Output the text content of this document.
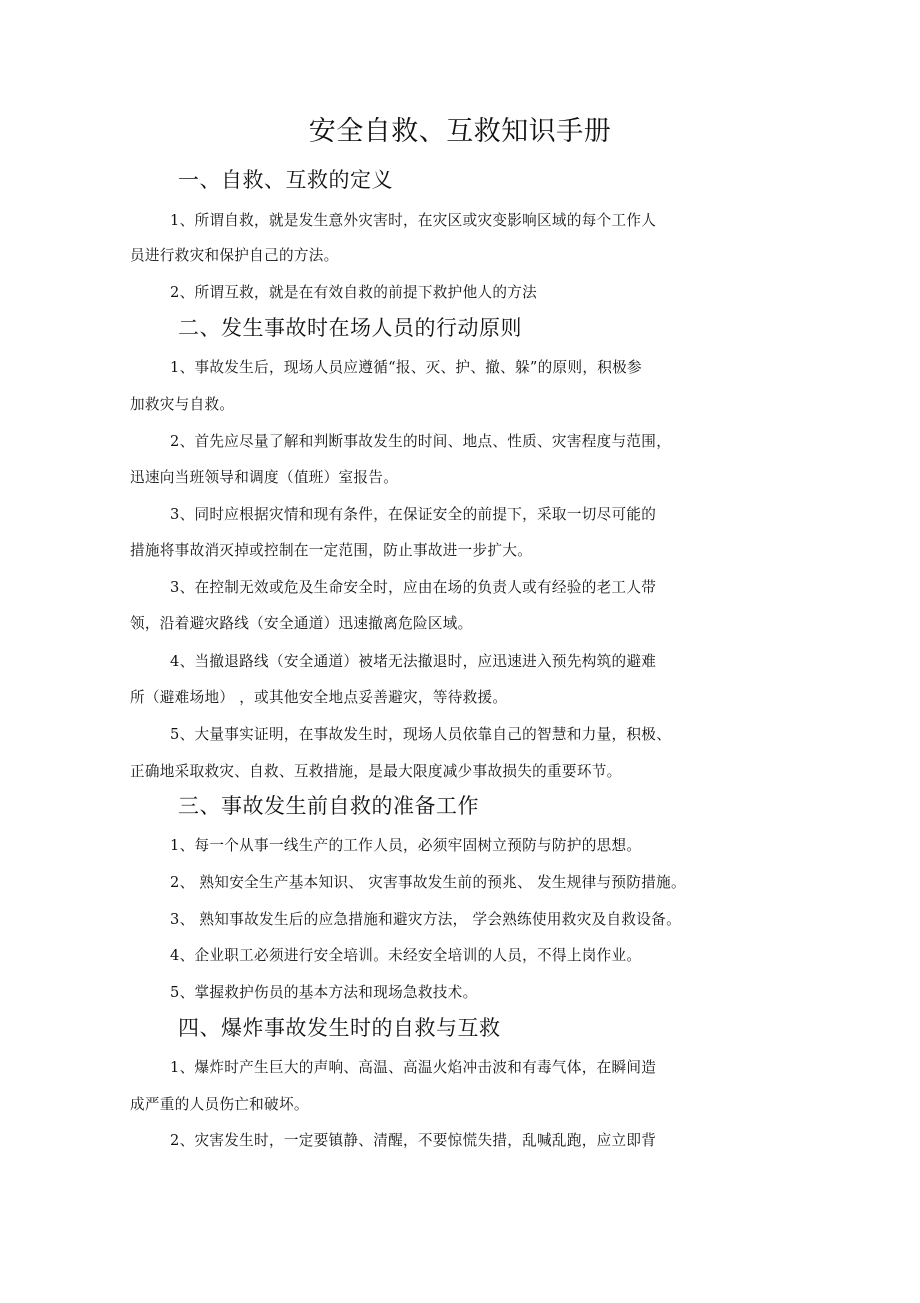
安全自救、互救知识手册
一、自救、互救的定义
1、所谓自救，就是发生意外灾害时，在灾区或灾变影响区域的每个工作人
员进行救灾和保护自己的方法。
2、所谓互救，就是在有效自救的前提下救护他人的方法
二、发生事故时在场人员的行动原则
1、事故发生后，现场人员应遵循“报、灭、护、撤、躲”的原则，积极参
加救灾与自救。
2、首先应尽量了解和判断事故发生的时间、地点、性质、灾害程度与范围，
迅速向当班领导和调度（值班）室报告。
3、同时应根据灾情和现有条件，在保证安全的前提下，采取一切尽可能的
措施将事故消灭掉或控制在一定范围，防止事故进一步扩大。
3、在控制无效或危及生命安全时，应由在场的负责人或有经验的老工人带
领，沿着避灾路线（安全通道）迅速撤离危险区域。
4、当撤退路线（安全通道）被堵无法撤退时，应迅速进入预先构筑的避难
所（避难场地） ，或其他安全地点妥善避灾，等待救援。
5、大量事实证明，在事故发生时，现场人员依靠自己的智慧和力量，积极、
正确地采取救灾、自救、互救措施，是最大限度减少事故损失的重要环节。
三、事故发生前自救的准备工作
1、每一个从事一线生产的工作人员，必须牢固树立预防与防护的思想。
2、 熟知安全生产基本知识、 灾害事故发生前的预兆、 发生规律与预防措施。
3、 熟知事故发生后的应急措施和避灾方法， 学会熟练使用救灾及自救设备。
4、企业职工必须进行安全培训。未经安全培训的人员，不得上岗作业。
5、掌握救护伤员的基本方法和现场急救技术。
四、爆炸事故发生时的自救与互救
1、爆炸时产生巨大的声响、高温、高温火焰冲击波和有毒气体，在瞬间造
成严重的人员伤亡和破坏。
2、灾害发生时，一定要镇静、清醒，不要惊慌失措，乱喊乱跑，应立即背
